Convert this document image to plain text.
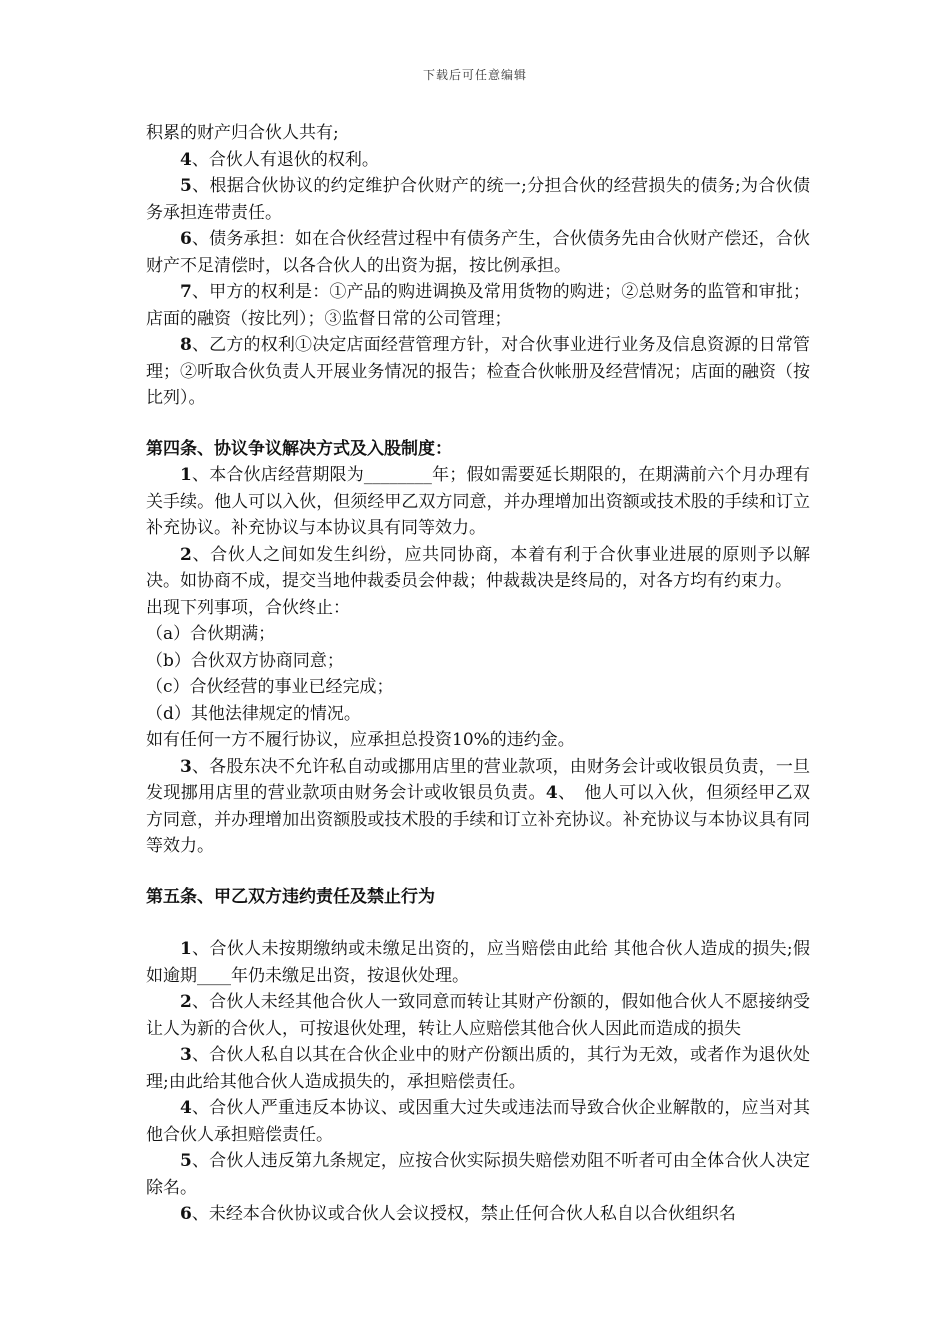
下载后可任意编辑

积累的财产归合伙人共有;

4、合伙人有退伙的权利。

5、根据合伙协议的约定维护合伙财产的统一;分担合伙的经营损失的债务;为合伙债务承担连带责任。

6、债务承担：如在合伙经营过程中有债务产生，合伙债务先由合伙财产偿还，合伙财产不足清偿时，以各合伙人的出资为据，按比例承担。

7、甲方的权利是：①产品的购进调换及常用货物的购进；②总财务的监管和审批；店面的融资（按比列）；③监督日常的公司管理；

8、乙方的权利①决定店面经营管理方针，对合伙事业进行业务及信息资源的日常管理；②听取合伙负责人开展业务情况的报告；检查合伙帐册及经营情况；店面的融资（按比列）。

第四条、协议争议解决方式及入股制度：

1、本合伙店经营期限为________年；假如需要延长期限的，在期满前六个月办理有关手续。他人可以入伙，但须经甲乙双方同意，并办理增加出资额或技术股的手续和订立补充协议。补充协议与本协议具有同等效力。

2、合伙人之间如发生纠纷，应共同协商，本着有利于合伙事业进展的原则予以解决。如协商不成，提交当地仲裁委员会仲裁；仲裁裁决是终局的，对各方均有约束力。

出现下列事项，合伙终止：

（a）合伙期满；

（b）合伙双方协商同意；

（c）合伙经营的事业已经完成；

（d）其他法律规定的情况。

如有任何一方不履行协议，应承担总投资10%的违约金。

3、各股东决不允许私自动或挪用店里的营业款项，由财务会计或收银员负责，一旦发现挪用店里的营业款项由财务会计或收银员负责。4、　他人可以入伙，但须经甲乙双方同意，并办理增加出资额股或技术股的手续和订立补充协议。补充协议与本协议具有同等效力。

第五条、甲乙双方违约责任及禁止行为

1、合伙人未按期缴纳或未缴足出资的，应当赔偿由此给 其他合伙人造成的损失;假如逾期____年仍未缴足出资，按退伙处理。

2、合伙人未经其他合伙人一致同意而转让其财产份额的，假如他合伙人不愿接纳受让人为新的合伙人，可按退伙处理，转让人应赔偿其他合伙人因此而造成的损失

3、合伙人私自以其在合伙企业中的财产份额出质的，其行为无效，或者作为退伙处理;由此给其他合伙人造成损失的，承担赔偿责任。

4、合伙人严重违反本协议、或因重大过失或违法而导致合伙企业解散的，应当对其他合伙人承担赔偿责任。

5、合伙人违反第九条规定，应按合伙实际损失赔偿劝阻不听者可由全体合伙人决定除名。

6、未经本合伙协议或合伙人会议授权，禁止任何合伙人私自以合伙组织名
